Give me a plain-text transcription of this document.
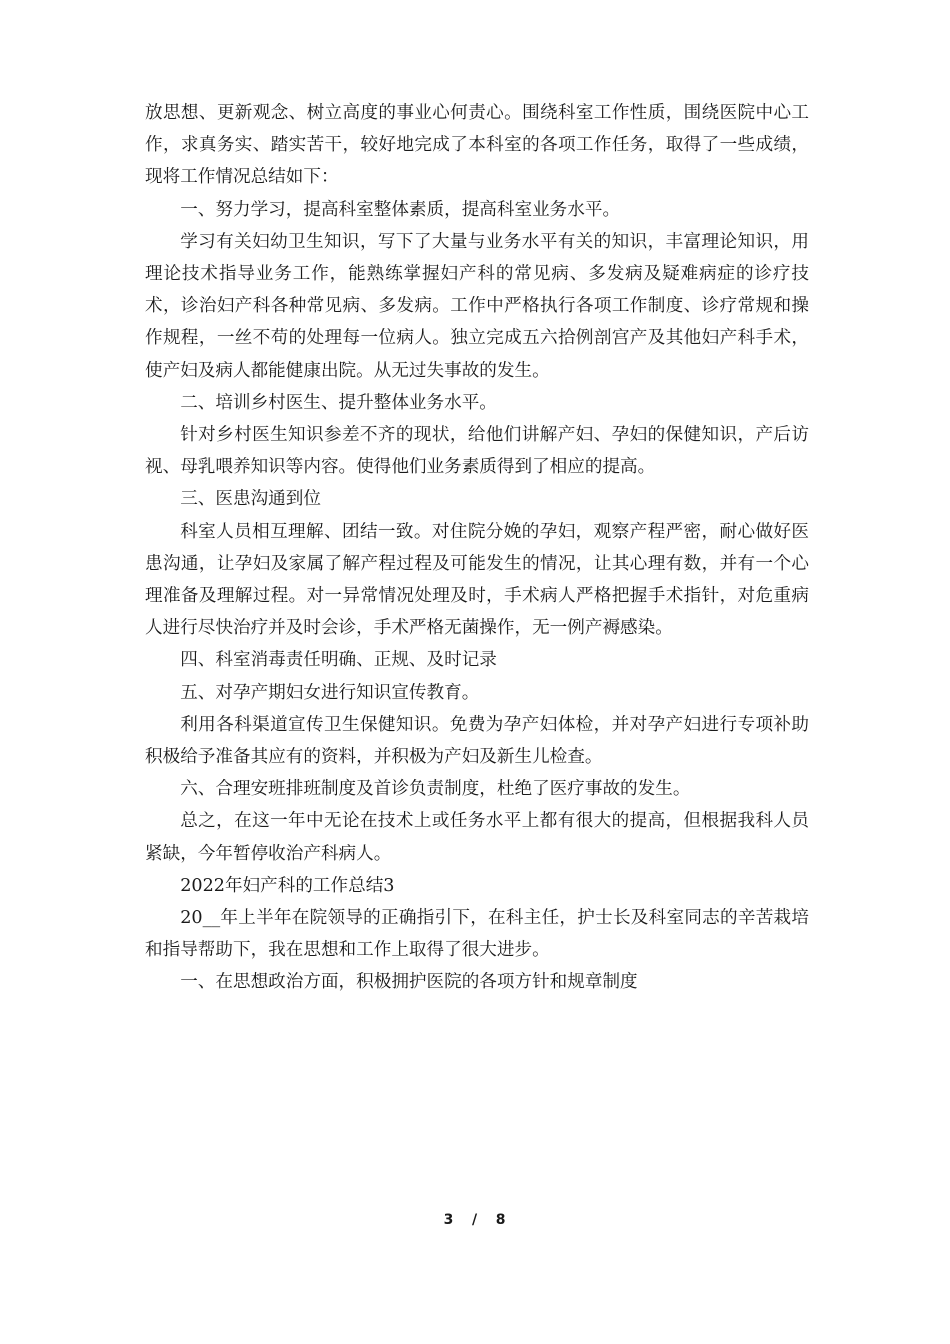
放思想、更新观念、树立高度的事业心何责心。围绕科室工作性质，围绕医院中心工作，求真务实、踏实苦干，较好地完成了本科室的各项工作任务，取得了一些成绩，现将工作情况总结如下：

一、努力学习，提高科室整体素质，提高科室业务水平。

学习有关妇幼卫生知识，写下了大量与业务水平有关的知识，丰富理论知识，用理论技术指导业务工作，能熟练掌握妇产科的常见病、多发病及疑难病症的诊疗技术，诊治妇产科各种常见病、多发病。工作中严格执行各项工作制度、诊疗常规和操作规程，一丝不苟的处理每一位病人。独立完成五六拾例剖宫产及其他妇产科手术，使产妇及病人都能健康出院。从无过失事故的发生。

二、培训乡村医生、提升整体业务水平。

针对乡村医生知识参差不齐的现状，给他们讲解产妇、孕妇的保健知识，产后访视、母乳喂养知识等内容。使得他们业务素质得到了相应的提高。

三、医患沟通到位

科室人员相互理解、团结一致。对住院分娩的孕妇，观察产程严密，耐心做好医患沟通，让孕妇及家属了解产程过程及可能发生的情况，让其心理有数，并有一个心理准备及理解过程。对一异常情况处理及时，手术病人严格把握手术指针，对危重病人进行尽快治疗并及时会诊，手术严格无菌操作，无一例产褥感染。

四、科室消毒责任明确、正规、及时记录

五、对孕产期妇女进行知识宣传教育。

利用各科渠道宣传卫生保健知识。免费为孕产妇体检，并对孕产妇进行专项补助积极给予准备其应有的资料，并积极为产妇及新生儿检查。

六、合理安班排班制度及首诊负责制度，杜绝了医疗事故的发生。

总之，在这一年中无论在技术上或任务水平上都有很大的提高，但根据我科人员紧缺，今年暂停收治产科病人。

2022年妇产科的工作总结3

20__年上半年在院领导的正确指引下，在科主任，护士长及科室同志的辛苦栽培和指导帮助下，我在思想和工作上取得了很大进步。

一、在思想政治方面，积极拥护医院的各项方针和规章制度

3 / 8
